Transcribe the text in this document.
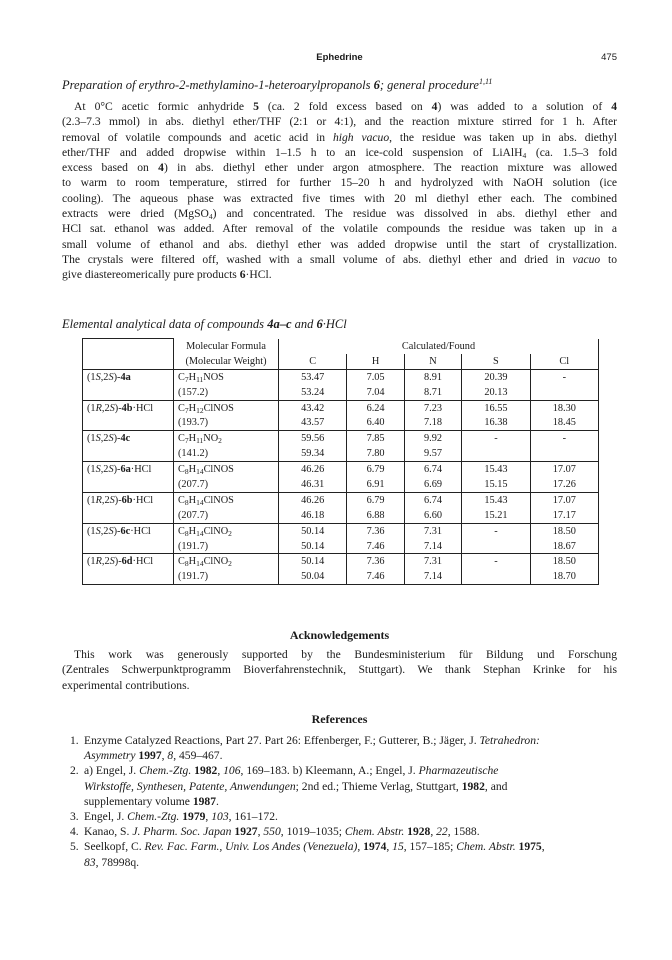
Ephedrine	475
Preparation of erythro-2-methylamino-1-heteroarylpropanols 6; general procedure$^{1,11}$
At 0°C acetic formic anhydride 5 (ca. 2 fold excess based on 4) was added to a solution of 4
(2.3–7.3 mmol) in abs. diethyl ether/THF (2:1 or 4:1), and the reaction mixture stirred for 1 h. After
removal of volatile compounds and acetic acid in high vacuo, the residue was taken up in abs. diethyl
ether/THF and added dropwise within 1–1.5 h to an ice-cold suspension of LiAlH$_4$ (ca. 1.5–3 fold
excess based on 4) in abs. diethyl ether under argon atmosphere. The reaction mixture was allowed
to warm to room temperature, stirred for further 15–20 h and hydrolyzed with NaOH solution (ice
cooling). The aqueous phase was extracted five times with 20 ml diethyl ether each. The combined
extracts were dried (MgSO$_4$) and concentrated. The residue was dissolved in abs. diethyl ether and
HCl sat. ethanol was added. After removal of the volatile compounds the residue was taken up in a
small volume of ethanol and abs. diethyl ether was added dropwise until the start of crystallization.
The crystals were filtered off, washed with a small volume of abs. diethyl ether and dried in vacuo to
give diastereomerically pure products 6·HCl.
Elemental analytical data of compounds 4a–c and 6·HCl
	Molecular Formula	Calculated/Found				
	(Molecular Weight)	C	H	N	S	Cl
(1S,2S)-4a	$C_7H_{11}NOS$	53.47	7.05	8.91	20.39	-
	(157.2)	53.24	7.04	8.71	20.13	
(1R,2S)-4b·HCl	$C_7H_{12}ClNOS$	43.42	6.24	7.23	16.55	18.30
	(193.7)	43.57	6.40	7.18	16.38	18.45
(1S,2S)-4c	$C_7H_{11}NO_2$	59.56	7.85	9.92	-	-
	(141.2)	59.34	7.80	9.57		
(1S,2S)-6a·HCl	$C_8H_{14}ClNOS$	46.26	6.79	6.74	15.43	17.07
	(207.7)	46.31	6.91	6.69	15.15	17.26
(1R,2S)-6b·HCl	$C_8H_{14}ClNOS$	46.26	6.79	6.74	15.43	17.07
	(207.7)	46.18	6.88	6.60	15.21	17.17
(1S,2S)-6c·HCl	$C_8H_{14}ClNO_2$	50.14	7.36	7.31	-	18.50
	(191.7)	50.14	7.46	7.14		18.67
(1R,2S)-6d·HCl	$C_8H_{14}ClNO_2$	50.14	7.36	7.31	-	18.50
	(191.7)	50.04	7.46	7.14		18.70
Acknowledgements
This work was generously supported by the Bundesministerium für Bildung und Forschung
(Zentrales Schwerpunktprogramm Bioverfahrenstechnik, Stuttgart). We thank Stephan Krinke for his
experimental contributions.
References
1. Enzyme Catalyzed Reactions, Part 27. Part 26: Effenberger, F.; Gutterer, B.; Jäger, J. Tetrahedron:
Asymmetry 1997, 8, 459–467.
2. a) Engel, J. Chem.-Ztg. 1982, 106, 169–183. b) Kleemann, A.; Engel, J. Pharmazeutische
Wirkstoffe, Synthesen, Patente, Anwendungen; 2nd ed.; Thieme Verlag, Stuttgart, 1982, and
supplementary volume 1987.
3. Engel, J. Chem.-Ztg. 1979, 103, 161–172.
4. Kanao, S. J. Pharm. Soc. Japan 1927, 550, 1019–1035; Chem. Abstr. 1928, 22, 1588.
5. Seelkopf, C. Rev. Fac. Farm., Univ. Los Andes (Venezuela), 1974, 15, 157–185; Chem. Abstr. 1975,
83, 78998q.
